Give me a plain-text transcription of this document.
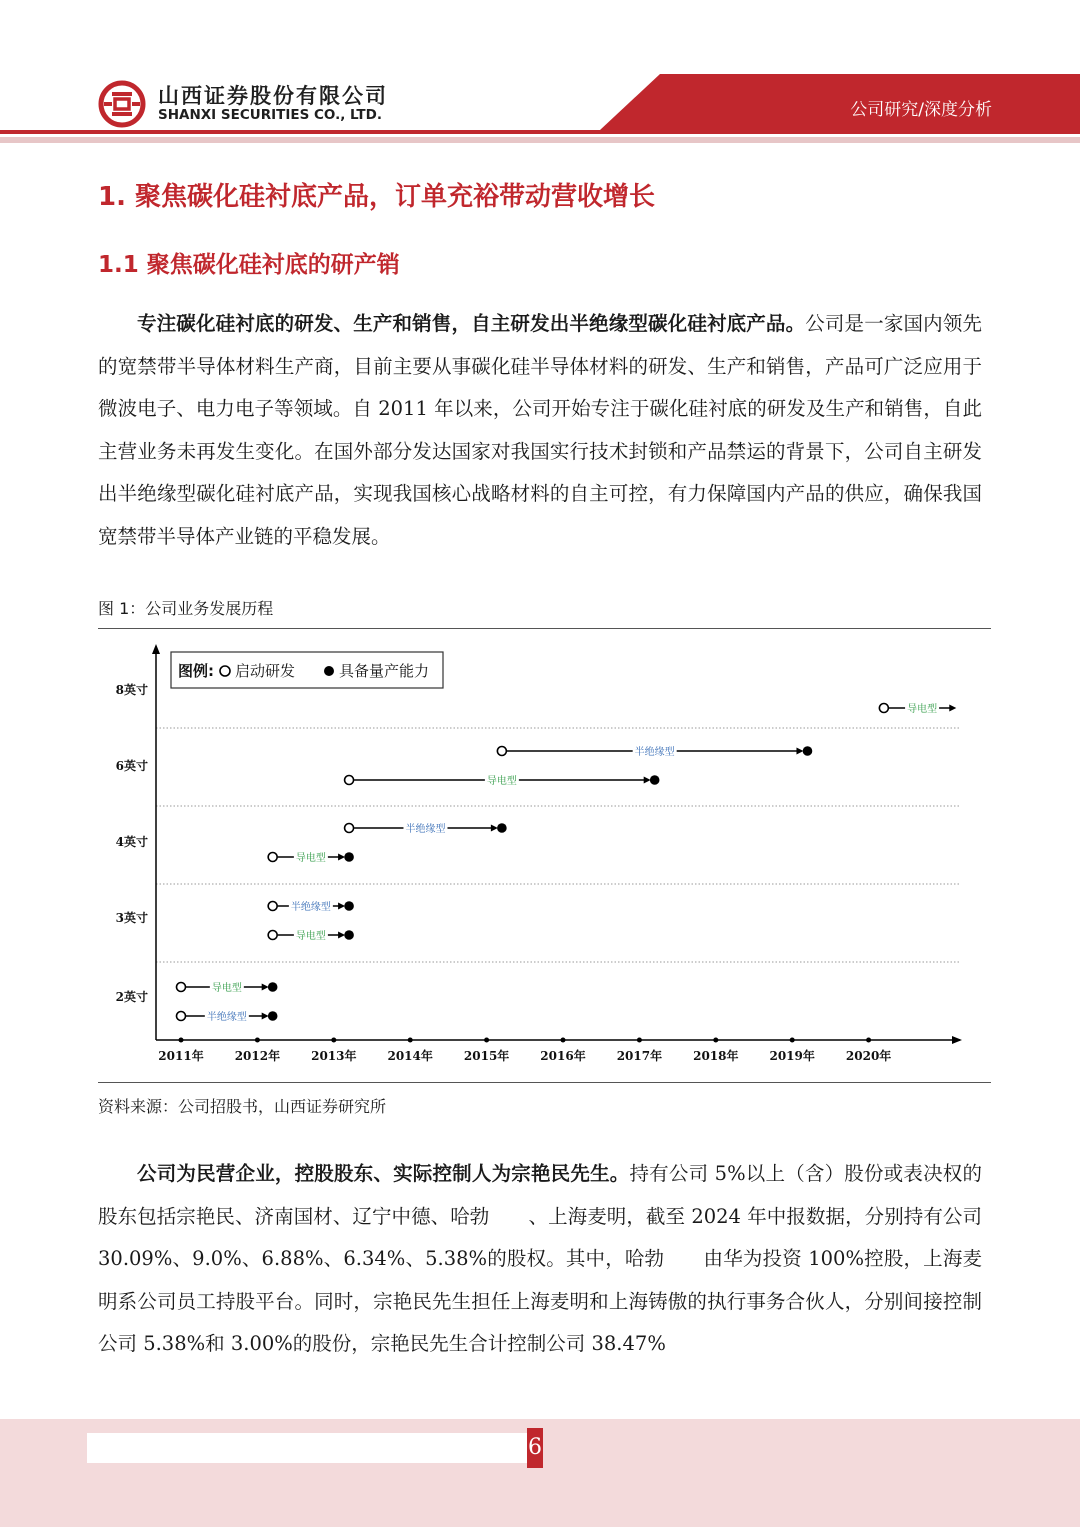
山西证券股份有限公司
SHANXI SECURITIES CO., LTD.	公司研究/深度分析
1. 聚焦碳化硅衬底产品，订单充裕带动营收增长
1.1 聚焦碳化硅衬底的研产销

专注碳化硅衬底的研发、生产和销售，自主研发出半绝缘型碳化硅衬底产品。公司是一家国内领先的宽禁带半导体材料生产商，目前主要从事碳化硅半导体材料的研发、生产和销售，产品可广泛应用于微波电子、电力电子等领域。自 2011 年以来，公司开始专注于碳化硅衬底的研发及生产和销售，自此主营业务未再发生变化。在国外部分发达国家对我国实行技术封锁和产品禁运的背景下，公司自主研发出半绝缘型碳化硅衬底产品，实现我国核心战略材料的自主可控，有力保障国内产品的供应，确保我国宽禁带半导体产业链的平稳发展。

图 1：公司业务发展历程
2011年	2012年	2013年	2014年	2015年	2016年	2017年	2018年	2019年	2020年
2英寸
3英寸
4英寸
6英寸
8英寸
图例: 启动研发	具备量产能力
半绝缘型
导电型
导电型
半绝缘型
导电型
半绝缘型
导电型
半绝缘型
导电型
资料来源：公司招股书，山西证券研究所

公司为民营企业，控股股东、实际控制人为宗艳民先生。持有公司 5%以上（含）股份或表决权的股东包括宗艳民、济南国材、辽宁中德、哈勃　　、上海麦明，截至 2024 年中报数据，分别持有公司 30.09%、9.0%、6.88%、6.34%、5.38%的股权。其中，哈勃　　由华为投资 100%控股，上海麦明系公司员工持股平台。同时，宗艳民先生担任上海麦明和上海铸傲的执行事务合伙人，分别间接控制公司 5.38%和 3.00%的股份，宗艳民先生合计控制公司 38.47%

6
